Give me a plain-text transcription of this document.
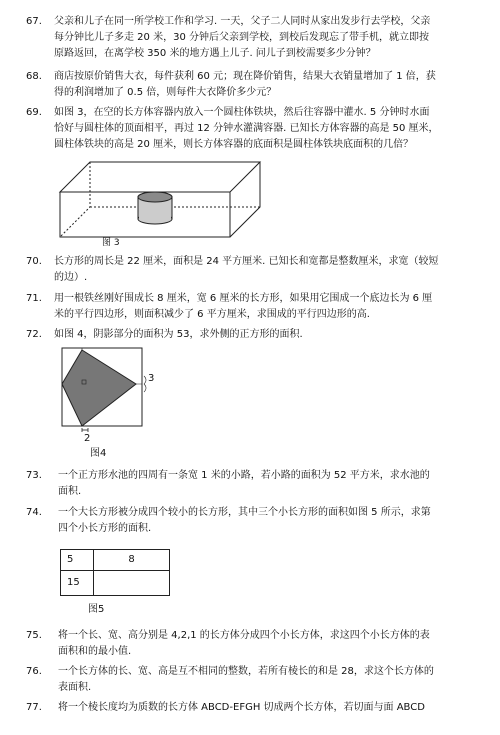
67. 父亲和儿子在同一所学校工作和学习. 一天，父子二人同时从家出发步行去学校，父亲

每分钟比儿子多走 20 米，30 分钟后父亲到学校，到校后发现忘了带手机，就立即按

原路返回，在离学校 350 米的地方遇上儿子. 问儿子到校需要多少分钟？

68. 商店按原价销售大衣，每件获利 60 元；现在降价销售，结果大衣销量增加了 1 倍，获

得的利润增加了 0.5 倍，则每件大衣降价多少元？

69. 如图 3，在空的长方体容器内放入一个圆柱体铁块，然后往容器中灌水. 5 分钟时水面

恰好与圆柱体的顶面相平，再过 12 分钟水灌满容器. 已知长方体容器的高是 50 厘米，

圆柱体铁块的高是 20 厘米，则长方体容器的底面积是圆柱体铁块底面积的几倍？

图 3
70. 长方形的周长是 22 厘米，面积是 24 平方厘米. 已知长和宽都是整数厘米，求宽（较短

的边）.

71. 用一根铁丝刚好围成长 8 厘米，宽 6 厘米的长方形，如果用它围成一个底边长为 6 厘

米的平行四边形，则面积减少了 6 平方厘米，求围成的平行四边形的高.

72. 如图 4，阴影部分的面积为 53，求外侧的正方形的面积.

3
2
图4
73. 一个正方形水池的四周有一条宽 1 米的小路，若小路的面积为 52 平方米，求水池的

面积.

74. 一个大长方形被分成四个较小的长方形，其中三个小长方形的面积如图 5 所示，求第

四个小长方形的面积.

5	8
15	
图5
75. 将一个长、宽、高分别是 4,2,1 的长方体分成四个小长方体，求这四个小长方体的表

面积和的最小值.

76. 一个长方体的长、宽、高是互不相同的整数，若所有棱长的和是 28，求这个长方体的

表面积.

77. 将一个棱长度均为质数的长方体 ABCD-EFGH 切成两个长方体，若切面与面 ABCD
